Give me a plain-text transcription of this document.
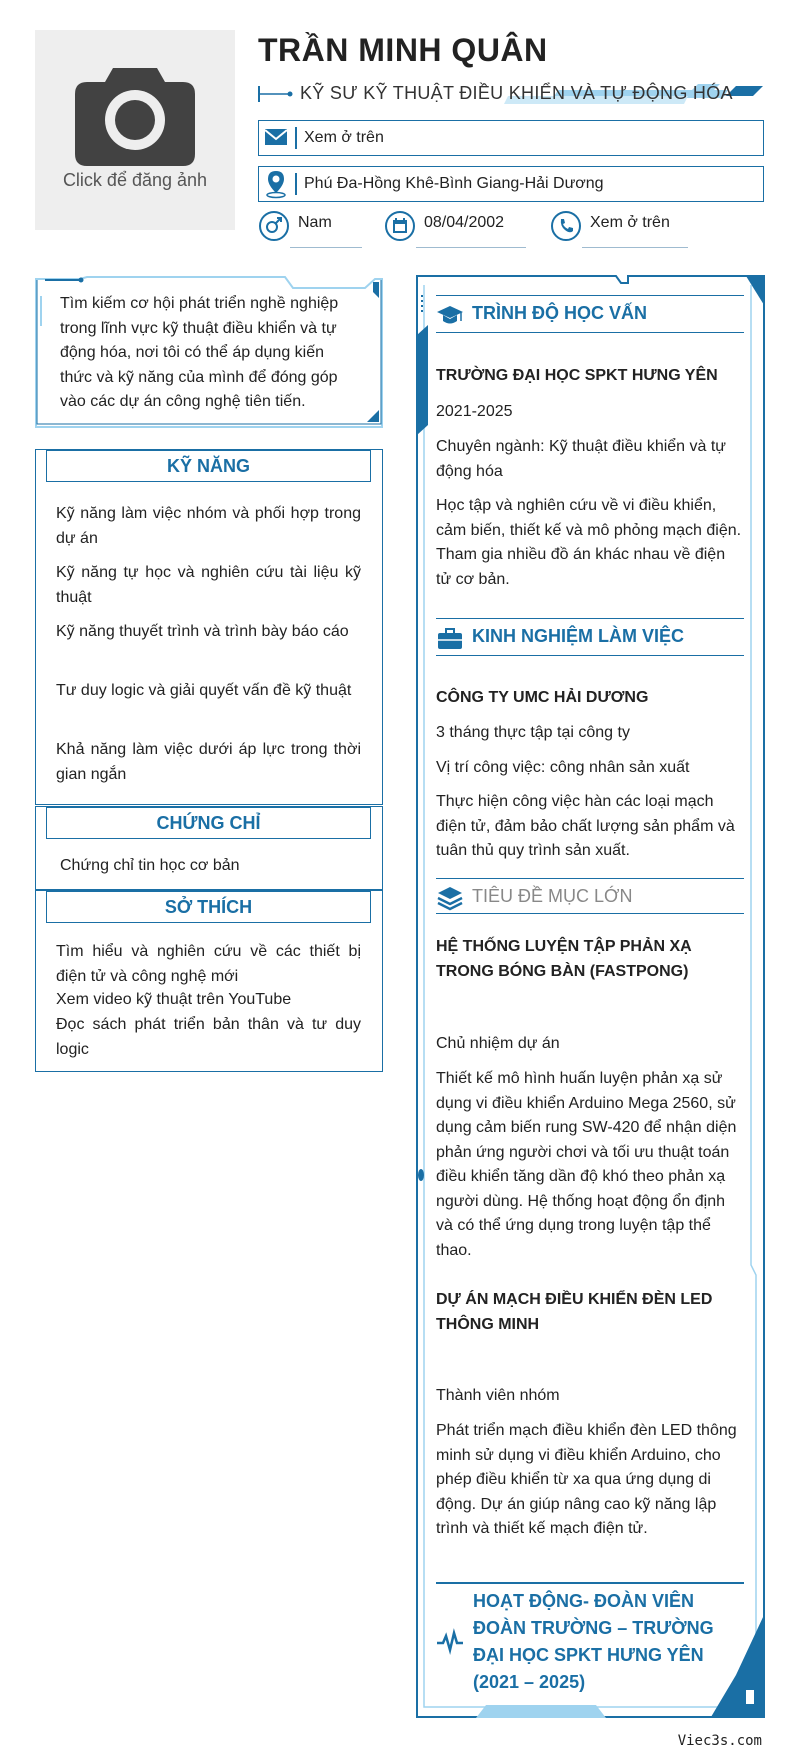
Click để đăng ảnh
TRẦN MINH QUÂN
KỸ SƯ KỸ THUẬT ĐIỀU KHIỂN VÀ TỰ ĐỘNG HÓA
Xem ở trên
Phú Đa-Hồng Khê-Bình Giang-Hải Dương
Nam	08/04/2002	Xem ở trên
Tìm kiếm cơ hội phát triển nghề nghiệp trong lĩnh vực kỹ thuật điều khiển và tự động hóa, nơi tôi có thể áp dụng kiến thức và kỹ năng của mình để đóng góp vào các dự án công nghệ tiên tiến.
KỸ NĂNG
Kỹ năng làm việc nhóm và phối hợp trong dự án
Kỹ năng tự học và nghiên cứu tài liệu kỹ thuật
Kỹ năng thuyết trình và trình bày báo cáo
Tư duy logic và giải quyết vấn đề kỹ thuật
Khả năng làm việc dưới áp lực trong thời gian ngắn
CHỨNG CHỈ
Chứng chỉ tin học cơ bản
SỞ THÍCH
Tìm hiểu và nghiên cứu về các thiết bị điện tử và công nghệ mới
Xem video kỹ thuật trên YouTube
Đọc sách phát triển bản thân và tư duy logic
TRÌNH ĐỘ HỌC VẤN
TRƯỜNG ĐẠI HỌC SPKT HƯNG YÊN
2021-2025
Chuyên ngành: Kỹ thuật điều khiển và tự động hóa
Học tập và nghiên cứu về vi điều khiển, cảm biến, thiết kế và mô phỏng mạch điện. Tham gia nhiều đồ án khác nhau về điện tử cơ bản.
KINH NGHIỆM LÀM VIỆC
CÔNG TY UMC HẢI DƯƠNG
3 tháng thực tập tại công ty
Vị trí công việc: công nhân sản xuất
Thực hiện công việc hàn các loại mạch điện tử, đảm bảo chất lượng sản phẩm và tuân thủ quy trình sản xuất.
TIÊU ĐỀ MỤC LỚN
HỆ THỐNG LUYỆN TẬP PHẢN XẠ TRONG BÓNG BÀN (FASTPONG)
Chủ nhiệm dự án
Thiết kế mô hình huấn luyện phản xạ sử dụng vi điều khiển Arduino Mega 2560, sử dụng cảm biến rung SW-420 để nhận diện phản ứng người chơi và tối ưu thuật toán điều khiển tăng dần độ khó theo phản xạ người dùng. Hệ thống hoạt động ổn định và có thể ứng dụng trong luyện tập thể thao.
DỰ ÁN MẠCH ĐIỀU KHIỂN ĐÈN LED THÔNG MINH
Thành viên nhóm
Phát triển mạch điều khiển đèn LED thông minh sử dụng vi điều khiển Arduino, cho phép điều khiển từ xa qua ứng dụng di động. Dự án giúp nâng cao kỹ năng lập trình và thiết kế mạch điện tử.
HOẠT ĐỘNG- ĐOÀN VIÊN ĐOÀN TRƯỜNG – TRƯỜNG ĐẠI HỌC SPKT HƯNG YÊN (2021 – 2025)
Viec3s.com
